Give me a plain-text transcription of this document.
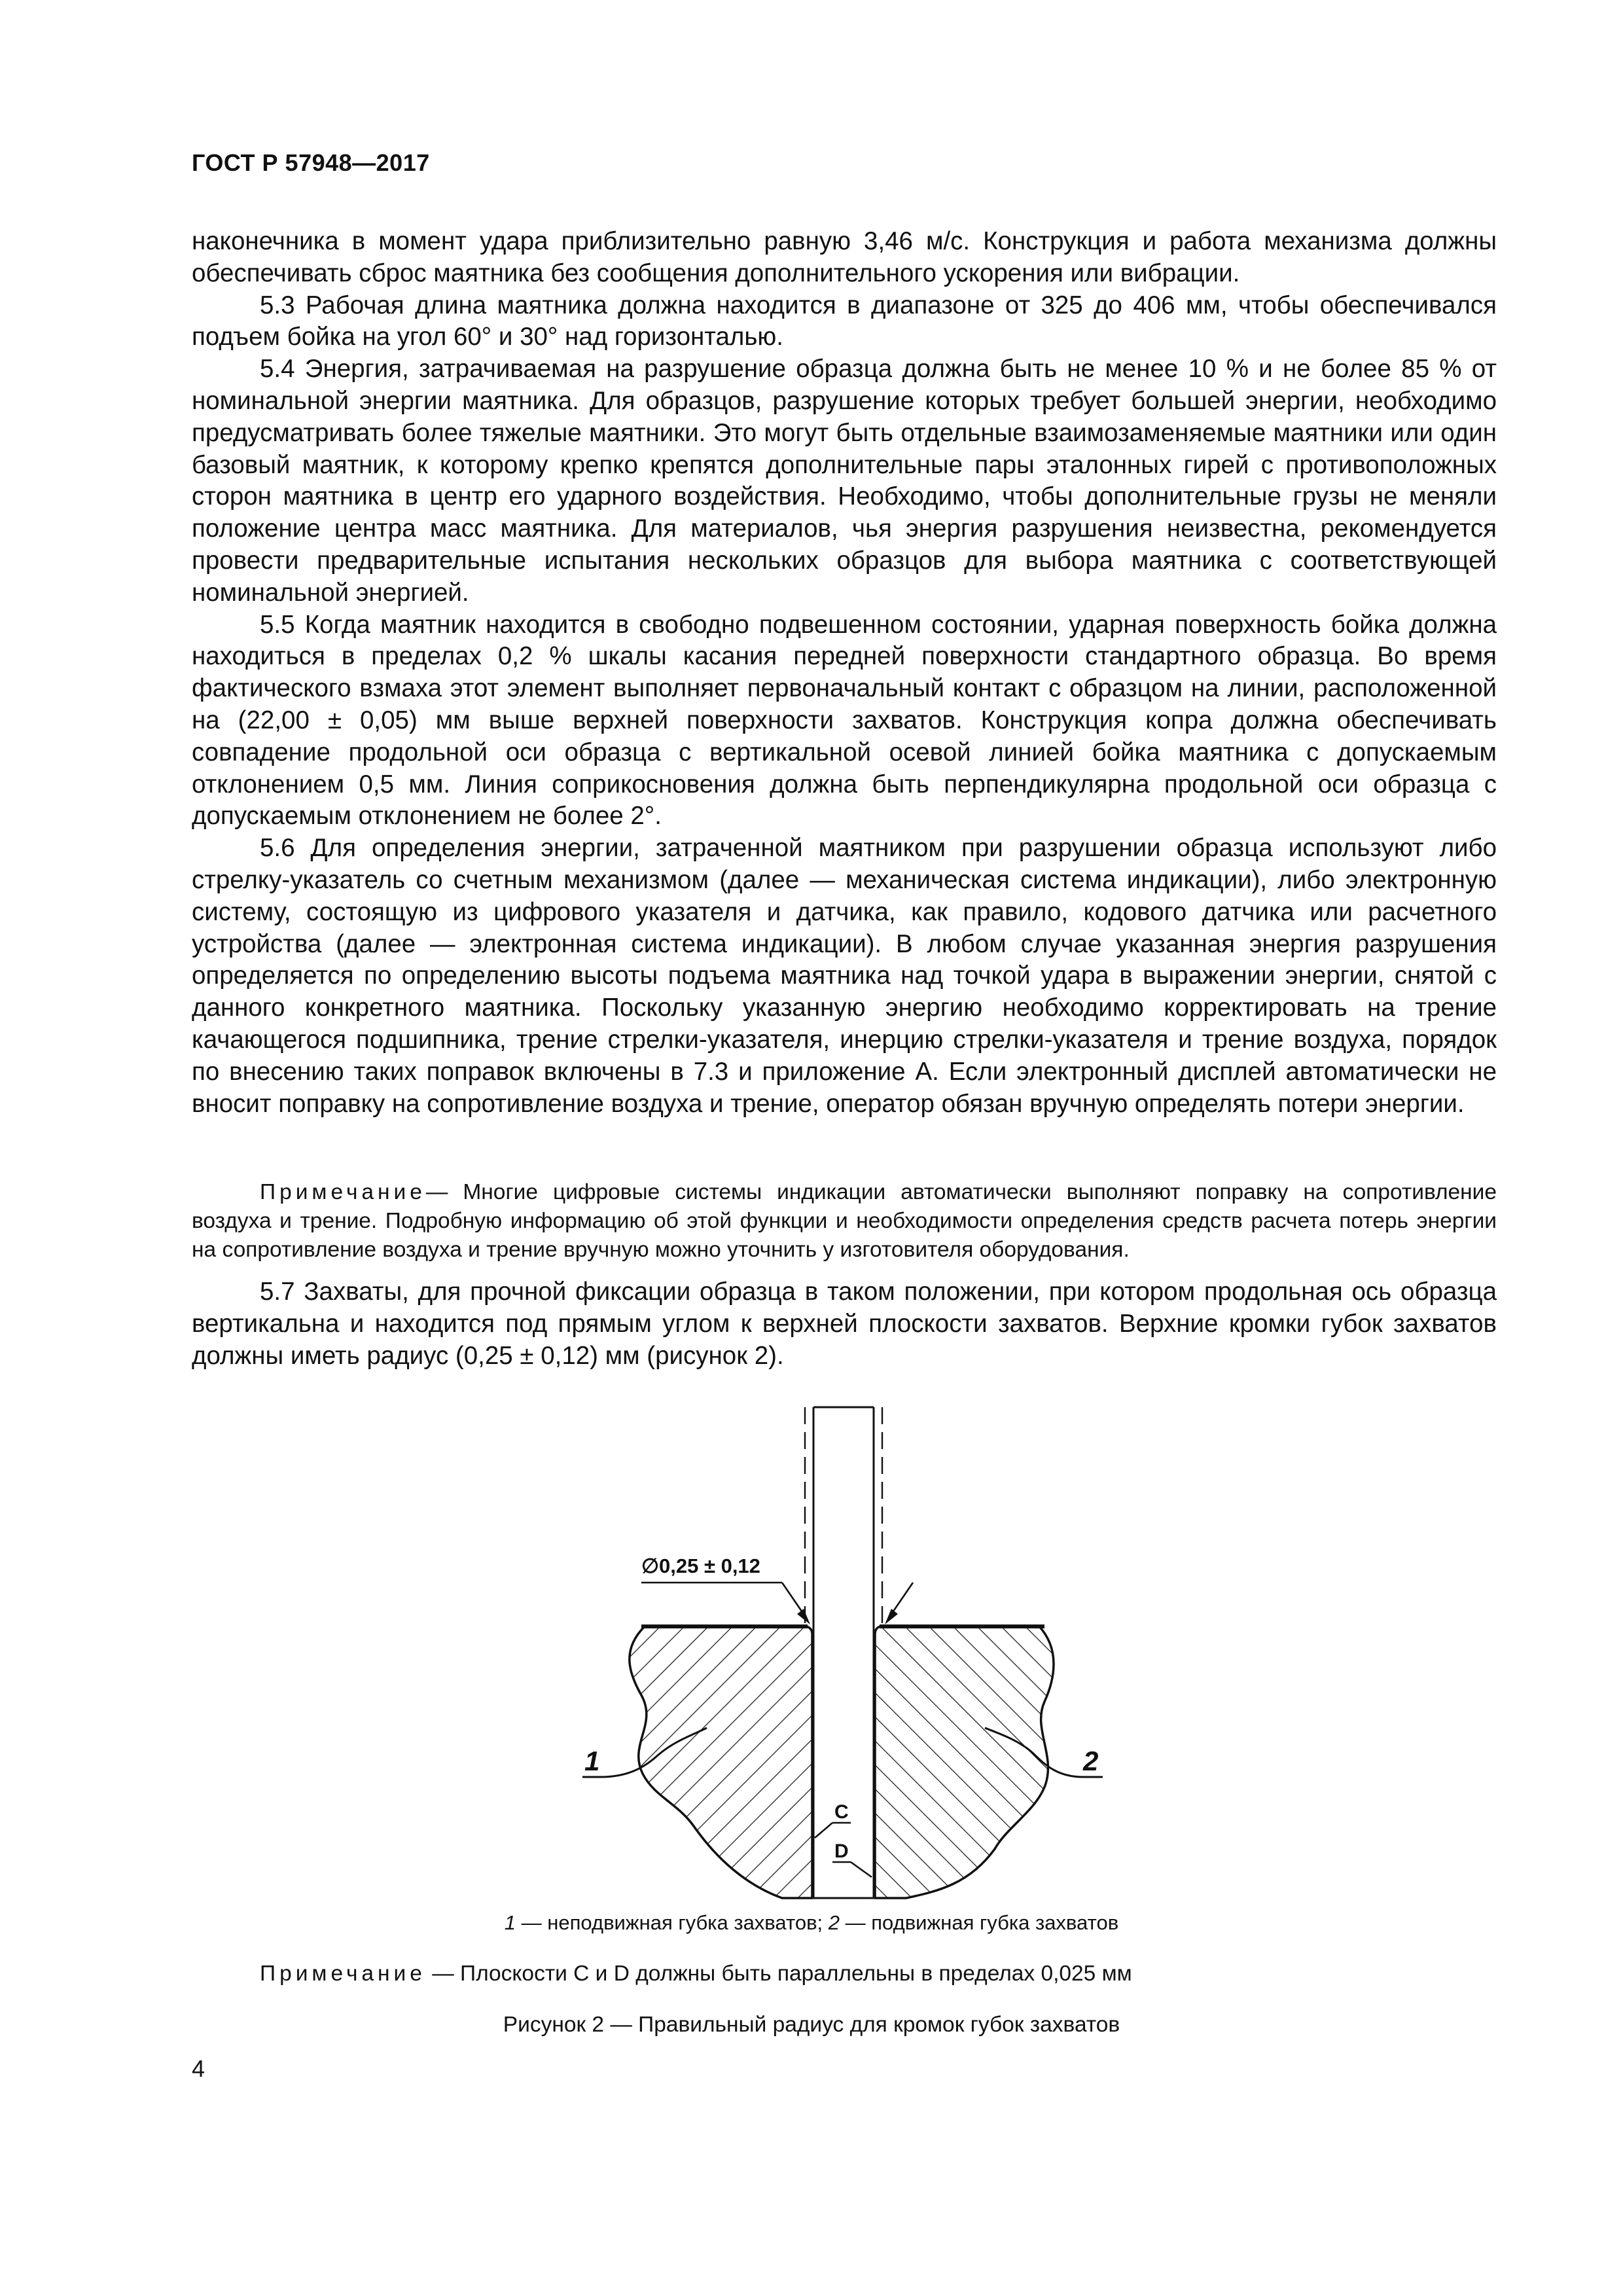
ГОСТ Р 57948—2017

наконечника в момент удара приблизительно равную 3,46 м/с. Конструкция и работа механизма должны обеспечивать сброс маятника без сообщения дополнительного ускорения или вибрации.

5.3 Рабочая длина маятника должна находится в диапазоне от 325 до 406 мм, чтобы обеспечивался подъем бойка на угол 60° и 30° над горизонталью.

5.4 Энергия, затрачиваемая на разрушение образца должна быть не менее 10 % и не более 85 % от номинальной энергии маятника. Для образцов, разрушение которых требует большей энергии, необходимо предусматривать более тяжелые маятники. Это могут быть отдельные взаимозаменяемые маятники или один базовый маятник, к которому крепко крепятся дополнительные пары эталонных гирей с противоположных сторон маятника в центр его ударного воздействия. Необходимо, чтобы дополнительные грузы не меняли положение центра масс маятника. Для материалов, чья энергия разрушения неизвестна, рекомендуется провести предварительные испытания нескольких образцов для выбора маятника с соответствующей номинальной энергией.

5.5 Когда маятник находится в свободно подвешенном состоянии, ударная поверхность бойка должна находиться в пределах 0,2 % шкалы касания передней поверхности стандартного образца. Во время фактического взмаха этот элемент выполняет первоначальный контакт с образцом на линии, расположенной на (22,00 ± 0,05) мм выше верхней поверхности захватов. Конструкция копра должна обеспечивать совпадение продольной оси образца с вертикальной осевой линией бойка маятника с допускаемым отклонением 0,5 мм. Линия соприкосновения должна быть перпендикулярна продольной оси образца с допускаемым отклонением не более 2°.

5.6 Для определения энергии, затраченной маятником при разрушении образца используют либо стрелку-указатель со счетным механизмом (далее — механическая система индикации), либо электронную систему, состоящую из цифрового указателя и датчика, как правило, кодового датчика или расчетного устройства (далее — электронная система индикации). В любом случае указанная энергия разрушения определяется по определению высоты подъема маятника над точкой удара в выражении энергии, снятой с данного конкретного маятника. Поскольку указанную энергию необходимо корректировать на трение качающегося подшипника, трение стрелки-указателя, инерцию стрелки-указателя и трение воздуха, порядок по внесению таких поправок включены в 7.3 и приложение А. Если электронный дисплей автоматически не вносит поправку на сопротивление воздуха и трение, оператор обязан вручную определять потери энергии.

Примечание— Многие цифровые системы индикации автоматически выполняют поправку на сопротивление воздуха и трение. Подробную информацию об этой функции и необходимости определения средств расчета потерь энергии на сопротивление воздуха и трение вручную можно уточнить у изготовителя оборудования.

5.7 Захваты, для прочной фиксации образца в таком положении, при котором продольная ось образца вертикальна и находится под прямым углом к верхней плоскости захватов. Верхние кромки губок захватов должны иметь радиус (0,25 ± 0,12) мм (рисунок 2).

∅0,25 ± 0,12
1	2
C
D
1 — неподвижная губка захватов; 2 — подвижная губка захватов
Примечание — Плоскости C и D должны быть параллельны в пределах 0,025 мм
Рисунок 2 — Правильный радиус для кромок губок захватов
4
